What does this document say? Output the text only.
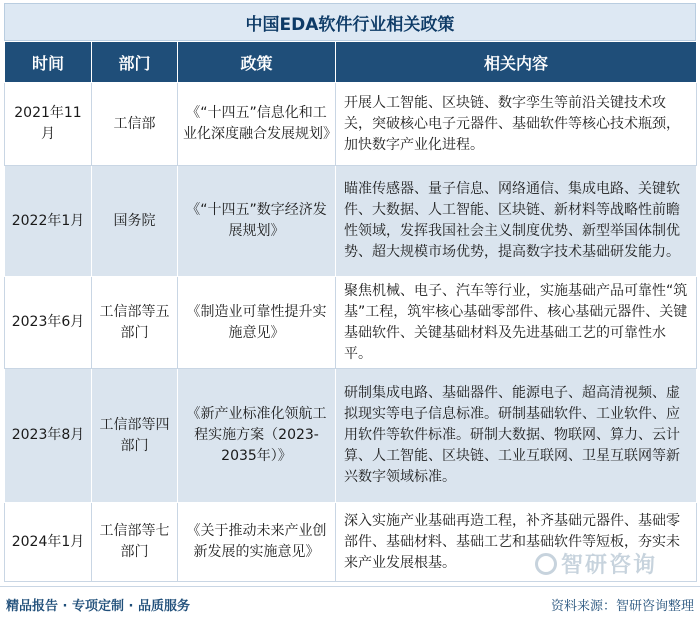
中国EDA软件行业相关政策
时间	部门	政策	相关内容
2021年11月	工信部	《“十四五”信息化和工业化深度融合发展规划》	开展人工智能、区块链、数字孪生等前沿关键技术攻关，突破核心电子元器件、基础软件等核心技术瓶颈，加快数字产业化进程。
2022年1月	国务院	《“十四五”数字经济发展规划》	瞄准传感器、量子信息、网络通信、集成电路、关键软件、大数据、人工智能、区块链、新材料等战略性前瞻性领域，发挥我国社会主义制度优势、新型举国体制优势、超大规模市场优势，提高数字技术基础研发能力。
2023年6月	工信部等五部门	《制造业可靠性提升实施意见》	聚焦机械、电子、汽车等行业，实施基础产品可靠性“筑基”工程，筑牢核心基础零部件、核心基础元器件、关键基础软件、关键基础材料及先进基础工艺的可靠性水平。
2023年8月	工信部等四部门	《新产业标准化领航工程实施方案（2023-2035年）》	研制集成电路、基础器件、能源电子、超高清视频、虚拟现实等电子信息标准。研制基础软件、工业软件、应用软件等软件标准。研制大数据、物联网、算力、云计算、人工智能、区块链、工业互联网、卫星互联网等新兴数字领域标准。
2024年1月	工信部等七部门	《关于推动未来产业创新发展的实施意见》	深入实施产业基础再造工程，补齐基础元器件、基础零部件、基础材料、基础工艺和基础软件等短板，夯实未来产业发展根基。	智研咨询
精品报告 · 专项定制 · 品质服务	资料来源：智研咨询整理
